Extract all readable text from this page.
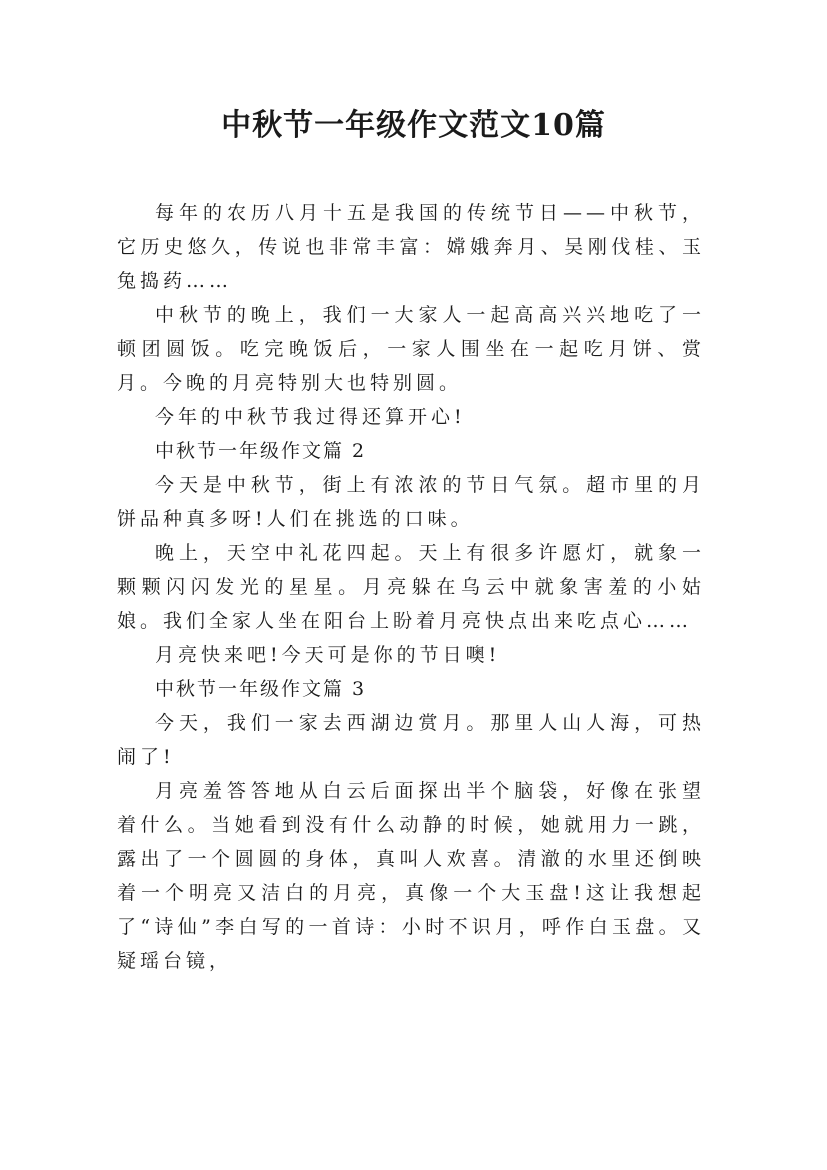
中秋节一年级作文范文10篇

每年的农历八月十五是我国的传统节日——中秋节，它历史悠久，传说也非常丰富：嫦娥奔月、吴刚伐桂、玉兔捣药……

中秋节的晚上，我们一大家人一起高高兴兴地吃了一顿团圆饭。吃完晚饭后，一家人围坐在一起吃月饼、赏月。今晚的月亮特别大也特别圆。

今年的中秋节我过得还算开心!

中秋节一年级作文篇 2

今天是中秋节，街上有浓浓的节日气氛。超市里的月饼品种真多呀!人们在挑选的口味。

晚上，天空中礼花四起。天上有很多许愿灯，就象一颗颗闪闪发光的星星。月亮躲在乌云中就象害羞的小姑娘。我们全家人坐在阳台上盼着月亮快点出来吃点心……

月亮快来吧!今天可是你的节日噢!

中秋节一年级作文篇 3

今天，我们一家去西湖边赏月。那里人山人海，可热闹了!

月亮羞答答地从白云后面探出半个脑袋，好像在张望着什么。当她看到没有什么动静的时候，她就用力一跳，露出了一个圆圆的身体，真叫人欢喜。清澈的水里还倒映着一个明亮又洁白的月亮，真像一个大玉盘!这让我想起了“诗仙”李白写的一首诗：小时不识月，呼作白玉盘。又疑瑶台镜，
